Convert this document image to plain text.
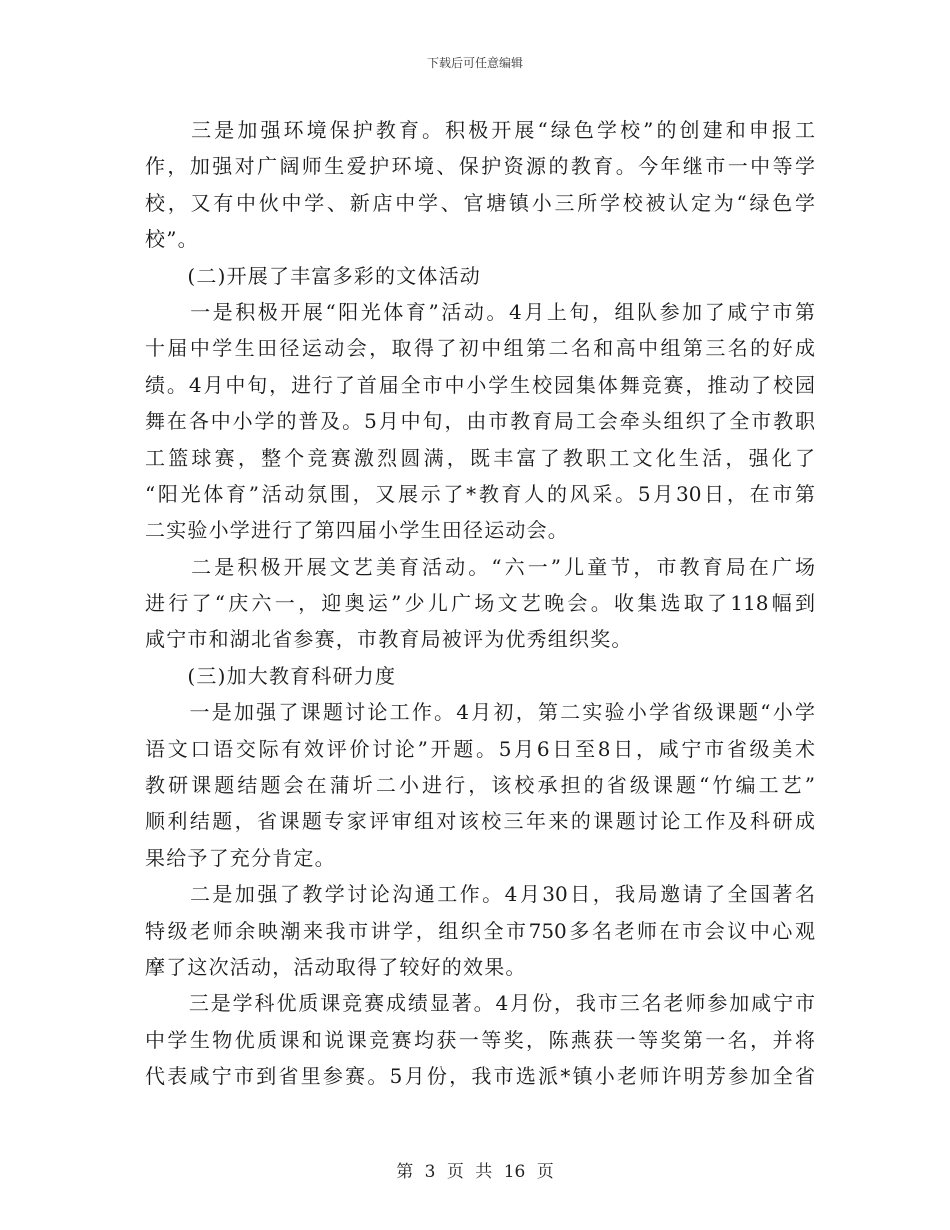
下载后可任意编辑
　　三是加强环境保护教育。积极开展“绿色学校”的创建和申报工
作，加强对广阔师生爱护环境、保护资源的教育。今年继市一中等学
校，又有中伙中学、新店中学、官塘镇小三所学校被认定为“绿色学
校”。
　　(二)开展了丰富多彩的文体活动
　　一是积极开展“阳光体育”活动。4月上旬，组队参加了咸宁市第
十届中学生田径运动会，取得了初中组第二名和高中组第三名的好成
绩。4月中旬，进行了首届全市中小学生校园集体舞竞赛，推动了校园
舞在各中小学的普及。5月中旬，由市教育局工会牵头组织了全市教职
工篮球赛，整个竞赛激烈圆满，既丰富了教职工文化生活，强化了
“阳光体育”活动氛围，又展示了*教育人的风采。5月30日，在市第
二实验小学进行了第四届小学生田径运动会。
　　二是积极开展文艺美育活动。“六一”儿童节，市教育局在广场
进行了“庆六一，迎奥运”少儿广场文艺晚会。收集选取了118幅到
咸宁市和湖北省参赛，市教育局被评为优秀组织奖。
　　(三)加大教育科研力度
　　一是加强了课题讨论工作。4月初，第二实验小学省级课题“小学
语文口语交际有效评价讨论”开题。5月6日至8日，咸宁市省级美术
教研课题结题会在蒲圻二小进行，该校承担的省级课题“竹编工艺”
顺利结题，省课题专家评审组对该校三年来的课题讨论工作及科研成
果给予了充分肯定。
　　二是加强了教学讨论沟通工作。4月30日，我局邀请了全国著名
特级老师余映潮来我市讲学，组织全市750多名老师在市会议中心观
摩了这次活动，活动取得了较好的效果。
　　三是学科优质课竞赛成绩显著。4月份，我市三名老师参加咸宁市
中学生物优质课和说课竞赛均获一等奖，陈燕获一等奖第一名，并将
代表咸宁市到省里参赛。5月份，我市选派*镇小老师许明芳参加全省
第 3 页 共 16 页
